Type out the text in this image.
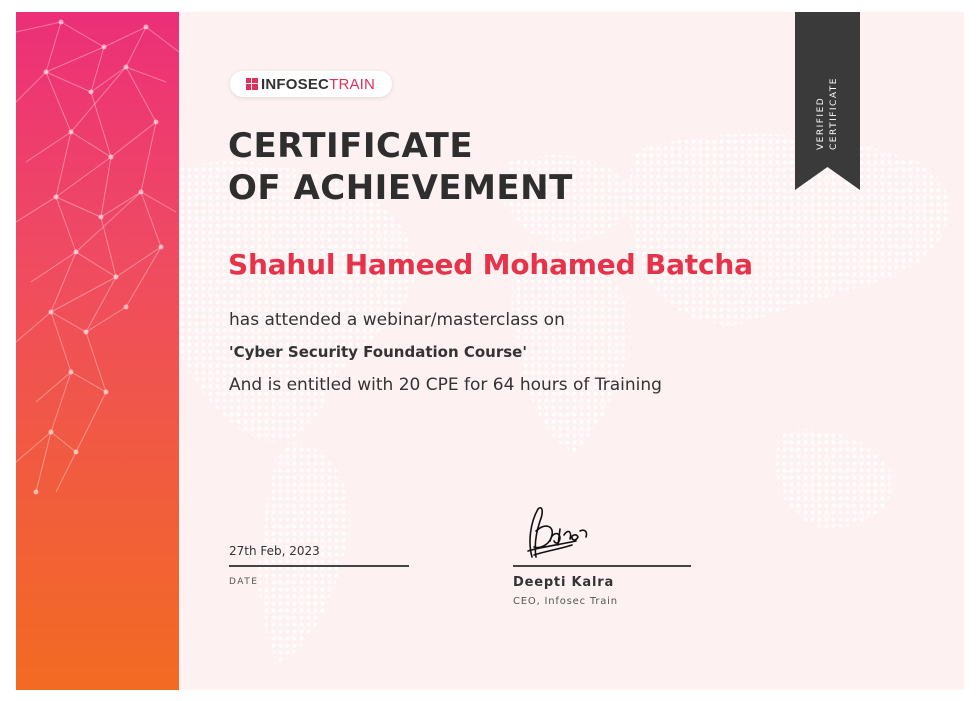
VERIFIED CERTIFICATE
INFOSECTRAIN
CERTIFICATE
OF ACHIEVEMENT
Shahul Hameed Mohamed Batcha
has attended a webinar/masterclass on
'Cyber Security Foundation Course'
And is entitled with 20 CPE for 64 hours of Training
27th Feb, 2023
DATE	Deepti Kalra
CEO, Infosec Train
